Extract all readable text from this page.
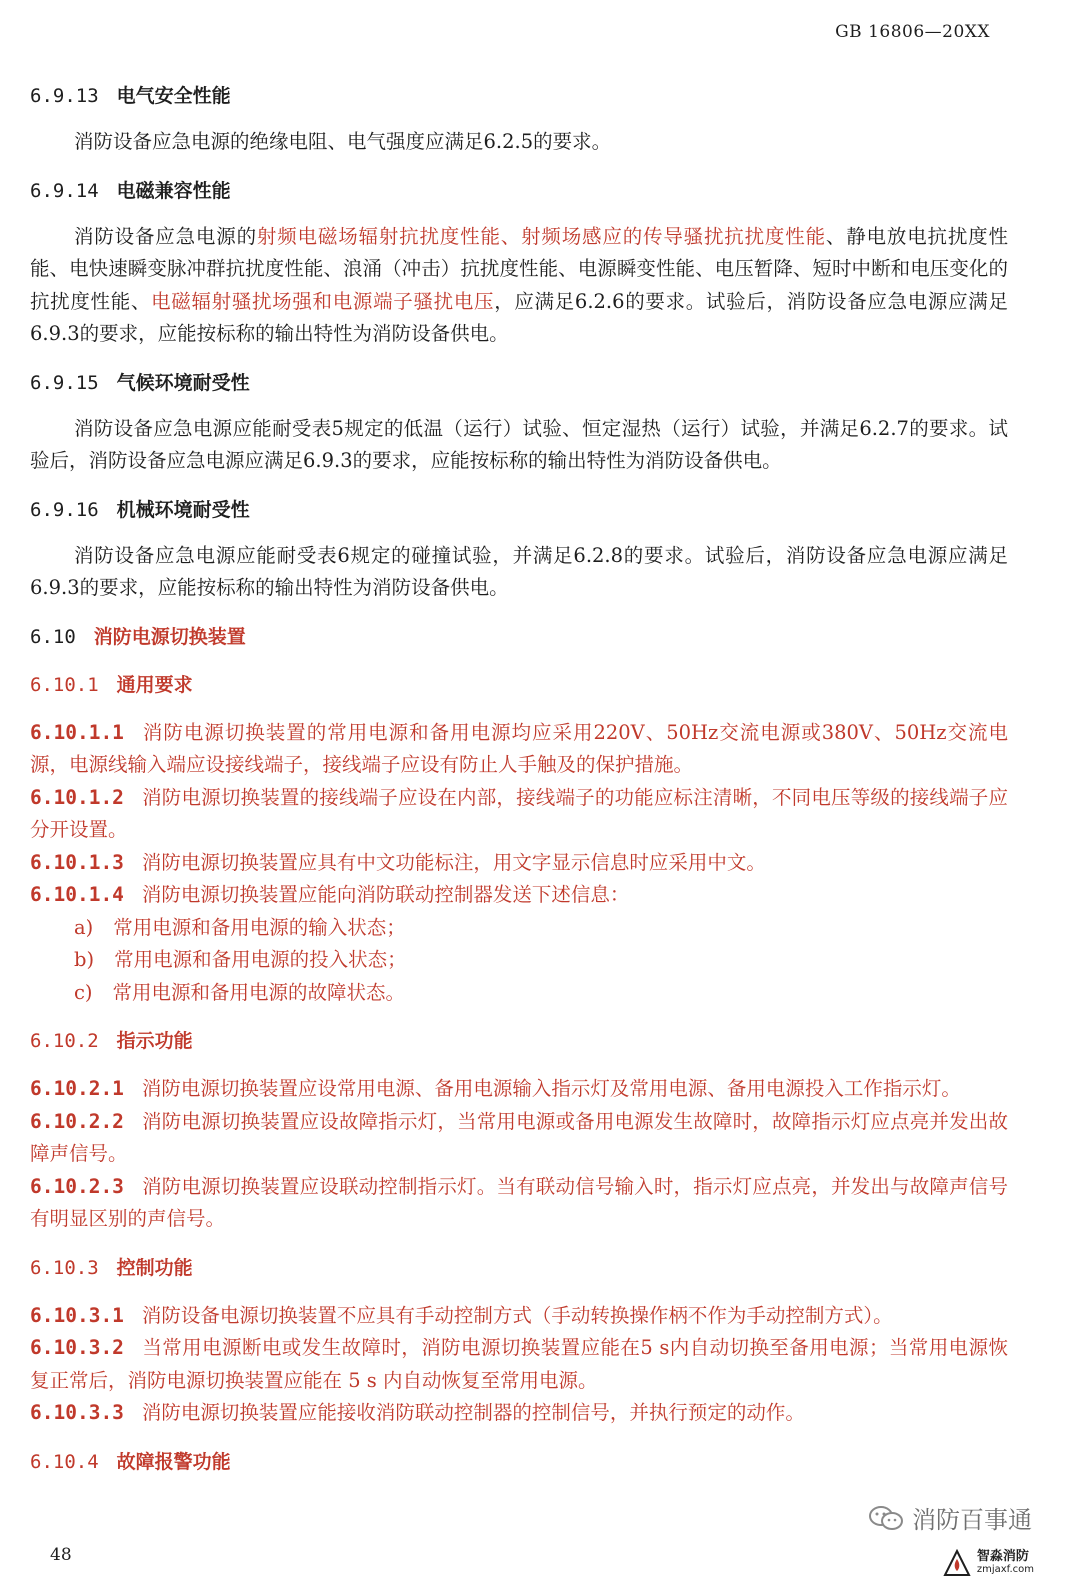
GB 16806—20XX
6.9.13 电气安全性能
消防设备应急电源的绝缘电阻、电气强度应满足6.2.5的要求。
6.9.14 电磁兼容性能
消防设备应急电源的射频电磁场辐射抗扰度性能、射频场感应的传导骚扰抗扰度性能、静电放电抗扰度性能、电快速瞬变脉冲群抗扰度性能、浪涌（冲击）抗扰度性能、电源瞬变性能、电压暂降、短时中断和电压变化的抗扰度性能、电磁辐射骚扰场强和电源端子骚扰电压，应满足6.2.6的要求。试验后，消防设备应急电源应满足6.9.3的要求，应能按标称的输出特性为消防设备供电。
6.9.15 气候环境耐受性
消防设备应急电源应能耐受表5规定的低温（运行）试验、恒定湿热（运行）试验，并满足6.2.7的要求。试验后，消防设备应急电源应满足6.9.3的要求，应能按标称的输出特性为消防设备供电。
6.9.16 机械环境耐受性
消防设备应急电源应能耐受表6规定的碰撞试验，并满足6.2.8的要求。试验后，消防设备应急电源应满足6.9.3的要求，应能按标称的输出特性为消防设备供电。
6.10 消防电源切换装置
6.10.1 通用要求
6.10.1.1 消防电源切换装置的常用电源和备用电源均应采用220V、50Hz交流电源或380V、50Hz交流电源，电源线输入端应设接线端子，接线端子应设有防止人手触及的保护措施。
6.10.1.2 消防电源切换装置的接线端子应设在内部，接线端子的功能应标注清晰，不同电压等级的接线端子应分开设置。
6.10.1.3 消防电源切换装置应具有中文功能标注，用文字显示信息时应采用中文。
6.10.1.4 消防电源切换装置应能向消防联动控制器发送下述信息：
a) 常用电源和备用电源的输入状态；
b) 常用电源和备用电源的投入状态；
c) 常用电源和备用电源的故障状态。
6.10.2 指示功能
6.10.2.1 消防电源切换装置应设常用电源、备用电源输入指示灯及常用电源、备用电源投入工作指示灯。
6.10.2.2 消防电源切换装置应设故障指示灯，当常用电源或备用电源发生故障时，故障指示灯应点亮并发出故障声信号。
6.10.2.3 消防电源切换装置应设联动控制指示灯。当有联动信号输入时，指示灯应点亮，并发出与故障声信号有明显区别的声信号。
6.10.3 控制功能
6.10.3.1 消防设备电源切换装置不应具有手动控制方式（手动转换操作柄不作为手动控制方式）。
6.10.3.2 当常用电源断电或发生故障时，消防电源切换装置应能在5 s内自动切换至备用电源；当常用电源恢复正常后，消防电源切换装置应能在 5 s 内自动恢复至常用电源。
6.10.3.3 消防电源切换装置应能接收消防联动控制器的控制信号，并执行预定的动作。
6.10.4 故障报警功能
消防百事通
48	智淼消防
zmjaxf.com
